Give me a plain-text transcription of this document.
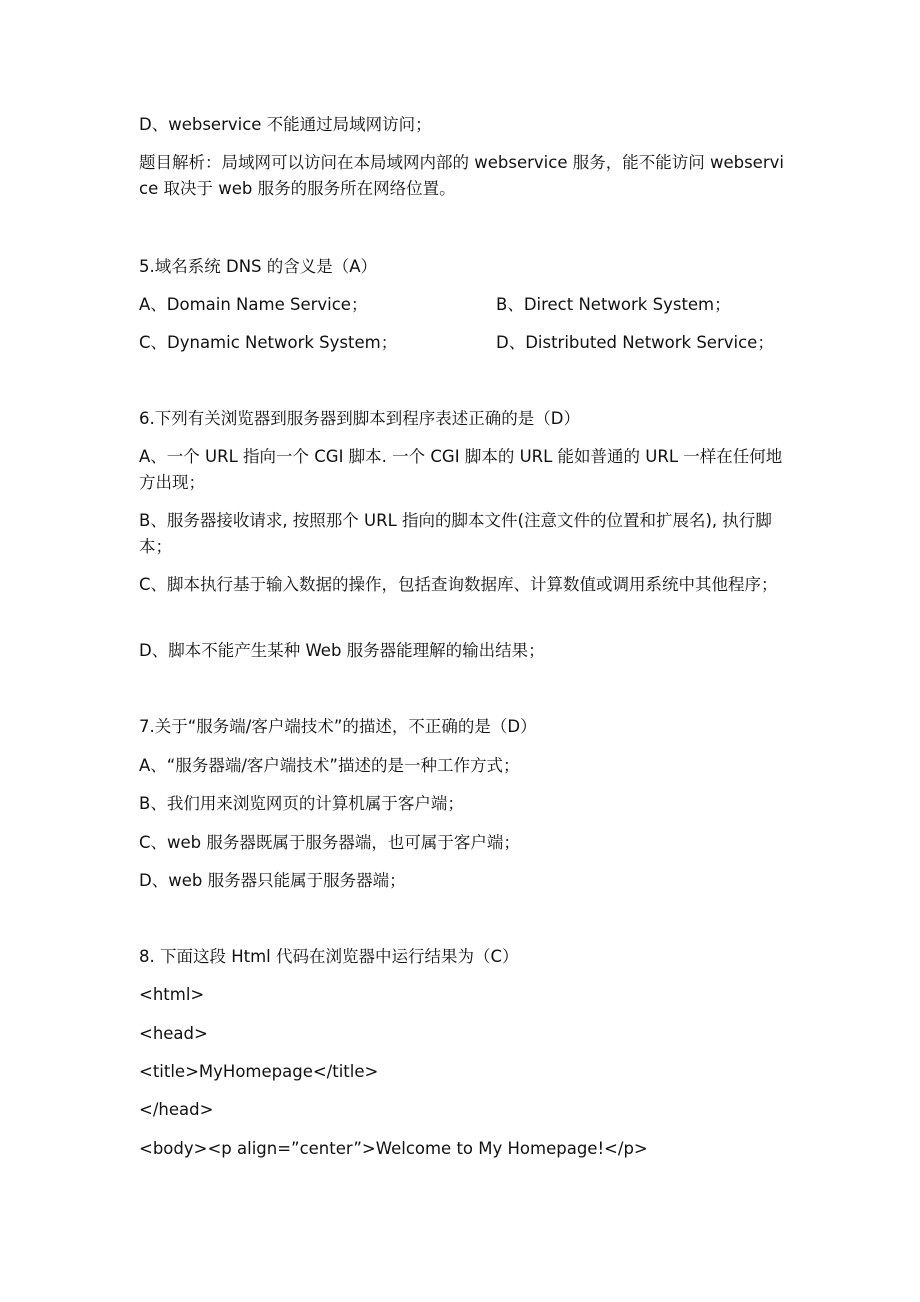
D、webservice 不能通过局域网访问；
题目解析：局域网可以访问在本局域网内部的 webservice 服务，能不能访问 webservice 取决于 web 服务的服务所在网络位置。
5.域名系统 DNS 的含义是（A）
A、Domain Name Service；	B、Direct Network System；
C、Dynamic Network System；	D、Distributed Network Service；
6.下列有关浏览器到服务器到脚本到程序表述正确的是（D）
A、一个 URL 指向一个 CGI 脚本. 一个 CGI 脚本的 URL 能如普通的 URL 一样在任何地方出现；
B、服务器接收请求, 按照那个 URL 指向的脚本文件(注意文件的位置和扩展名), 执行脚本；
C、脚本执行基于输入数据的操作，包括查询数据库、计算数值或调用系统中其他程序；
D、脚本不能产生某种 Web 服务器能理解的输出结果；
7.关于“服务端/客户端技术”的描述，不正确的是（D）
A、“服务器端/客户端技术”描述的是一种工作方式；
B、我们用来浏览网页的计算机属于客户端；
C、web 服务器既属于服务器端，也可属于客户端；
D、web 服务器只能属于服务器端；
8. 下面这段 Html 代码在浏览器中运行结果为（C）
<html>
<head>
<title>MyHomepage</title>
</head>
<body><p align=”center”>Welcome to My Homepage!</p>
